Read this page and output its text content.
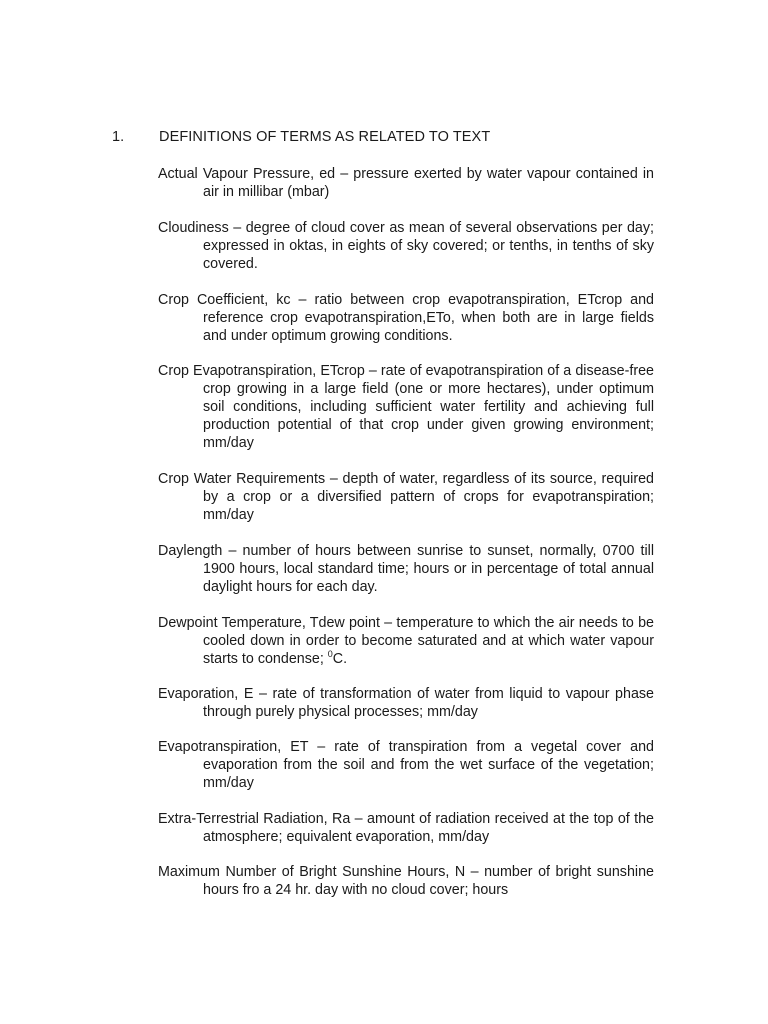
1. DEFINITIONS OF TERMS AS RELATED TO TEXT

Actual Vapour Pressure, ed – pressure exerted by water vapour contained in air in millibar (mbar)

Cloudiness – degree of cloud cover as mean of several observations per day; expressed in oktas, in eights of sky covered; or tenths, in tenths of sky covered.

Crop Coefficient, kc – ratio between crop evapotranspiration, ETcrop and reference crop evapotranspiration,ETo, when both are in large fields and under optimum growing conditions.

Crop Evapotranspiration, ETcrop – rate of evapotranspiration of a disease-free crop growing in a large field (one or more hectares), under optimum soil conditions, including sufficient water fertility and achieving full production potential of that crop under given growing environment; mm/day

Crop Water Requirements – depth of water, regardless of its source, required by a crop or a diversified pattern of crops for evapotranspiration; mm/day

Daylength – number of hours between sunrise to sunset, normally, 0700 till 1900 hours, local standard time; hours or in percentage of total annual daylight hours for each day.

Dewpoint Temperature, Tdew point – temperature to which the air needs to be cooled down in order to become saturated and at which water vapour starts to condense; $^0$C.

Evaporation, E – rate of transformation of water from liquid to vapour phase through purely physical processes; mm/day

Evapotranspiration, ET – rate of transpiration from a vegetal cover and evaporation from the soil and from the wet surface of the vegetation; mm/day

Extra-Terrestrial Radiation, Ra – amount of radiation received at the top of the atmosphere; equivalent evaporation, mm/day

Maximum Number of Bright Sunshine Hours, N – number of bright sunshine hours fro a 24 hr. day with no cloud cover; hours
